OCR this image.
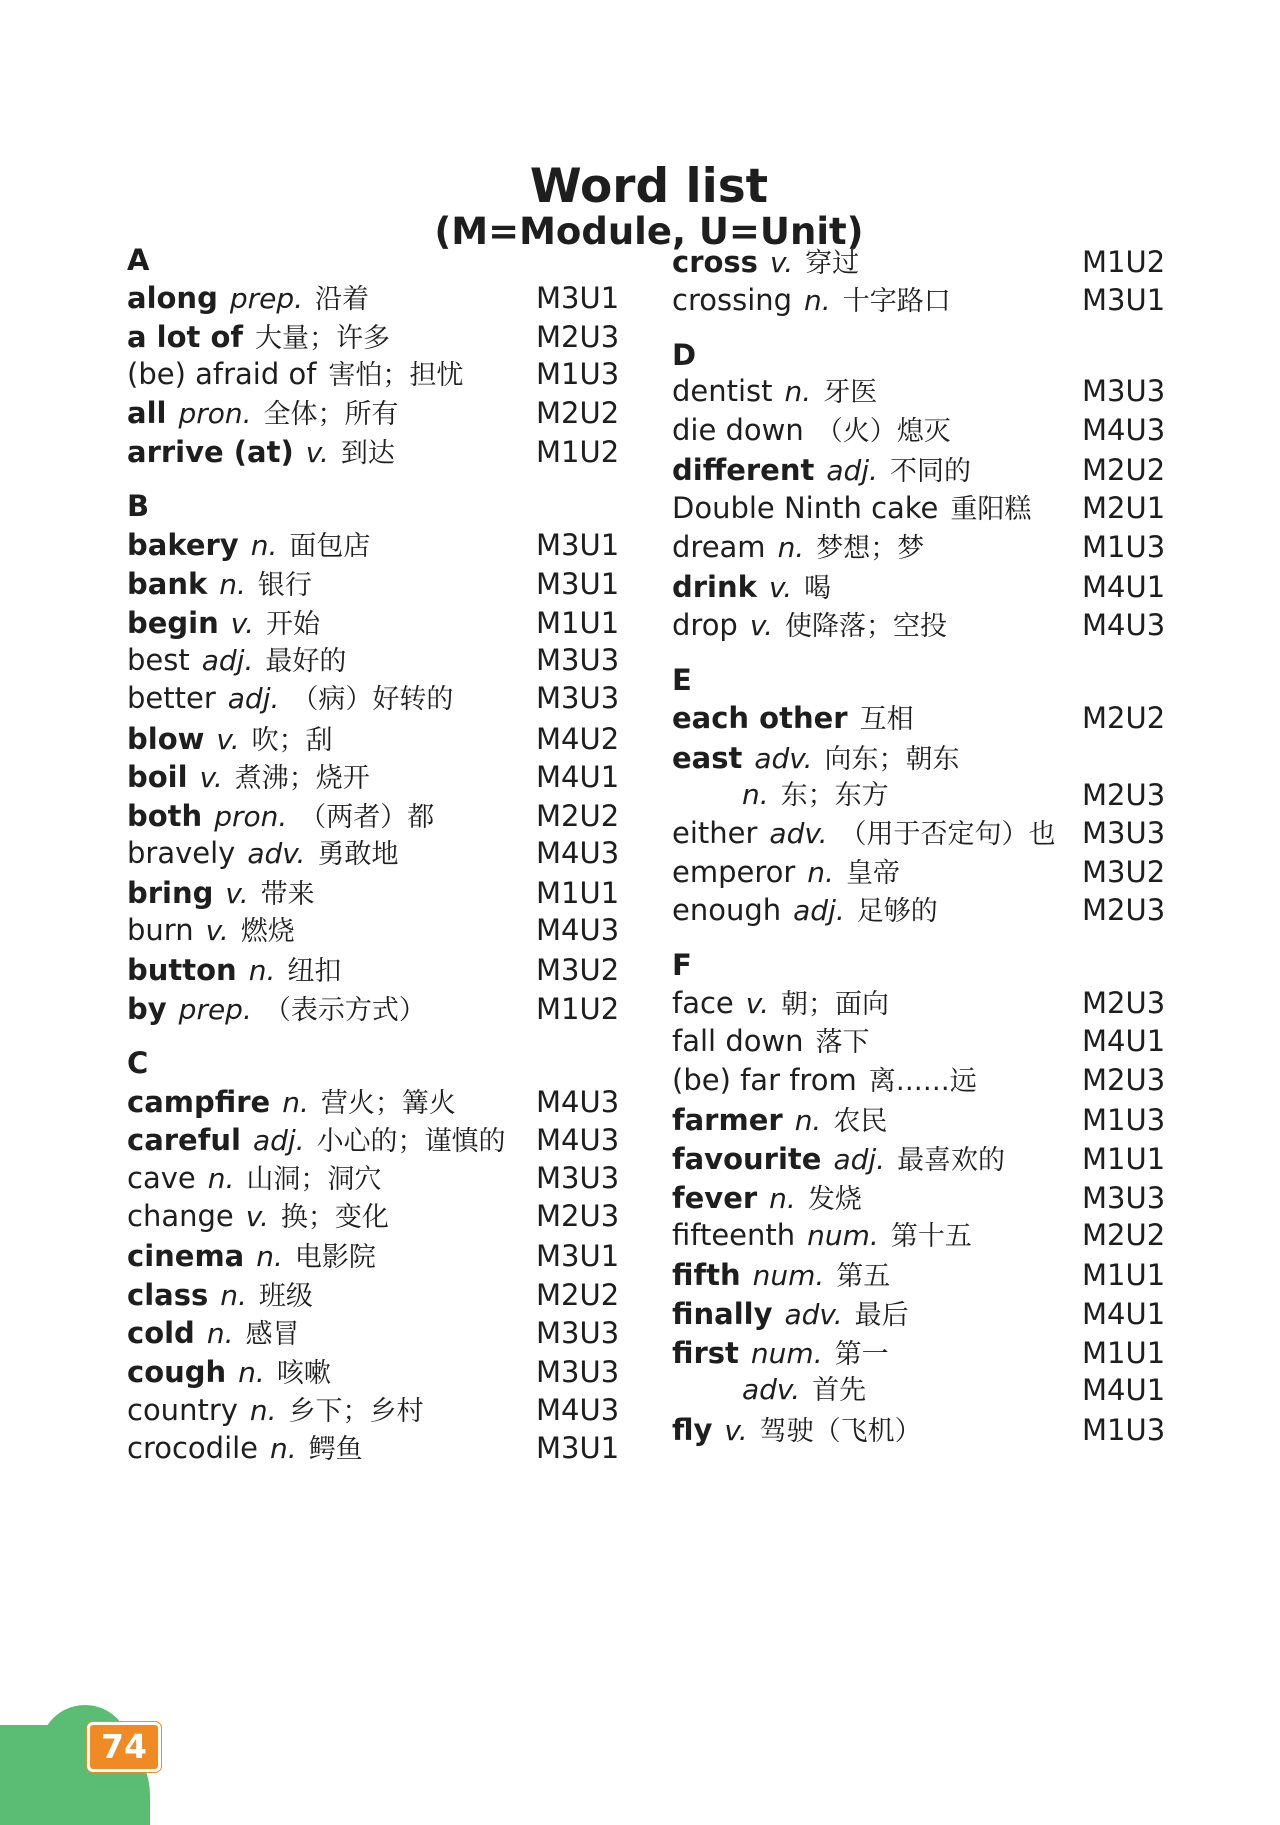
Word list
(M=Module, U=Unit)
A
M3U1
along prep. 沿着
M2U3
a lot of 大量；许多
M1U3
(be) afraid of 害怕；担忧
M2U2
all pron. 全体；所有
M1U2
arrive (at) v. 到达
B
M3U1
bakery n. 面包店
M3U1
bank n. 银行
M1U1
begin v. 开始
M3U3
best adj. 最好的
M3U3
better adj. （病）好转的
M4U2
blow v. 吹；刮
M4U1
boil v. 煮沸；烧开
M2U2
both pron. （两者）都
M4U3
bravely adv. 勇敢地
M1U1
bring v. 带来
M4U3
burn v. 燃烧
M3U2
button n. 纽扣
M1U2
by prep. （表示方式）
C
M4U3
campfire n. 营火；篝火
M4U3
careful adj. 小心的；谨慎的
M3U3
cave n. 山洞；洞穴
M2U3
change v. 换；变化
M3U1
cinema n. 电影院
M2U2
class n. 班级
M3U3
cold n. 感冒
M3U3
cough n. 咳嗽
M4U3
country n. 乡下；乡村
M3U1
crocodile n. 鳄鱼
M1U2
cross v. 穿过
M3U1
crossing n. 十字路口
D
M3U3
dentist n. 牙医
M4U3
die down （火）熄灭
M2U2
different adj. 不同的
M2U1
Double Ninth cake 重阳糕
M1U3
dream n. 梦想；梦
M4U1
drink v. 喝
M4U3
drop v. 使降落；空投
E
M2U2
each other 互相
east adv. 向东；朝东
M2U3
n. 东；东方
M3U3
either adv. （用于否定句）也
M3U2
emperor n. 皇帝
M2U3
enough adj. 足够的
F
M2U3
face v. 朝；面向
M4U1
fall down 落下
M2U3
(be) far from 离……远
M1U3
farmer n. 农民
M1U1
favourite adj. 最喜欢的
M3U3
fever n. 发烧
M2U2
fifteenth num. 第十五
M1U1
fifth num. 第五
M4U1
finally adv. 最后
M1U1
first num. 第一
M4U1
adv. 首先
M1U3
fly v. 驾驶（飞机）
74
